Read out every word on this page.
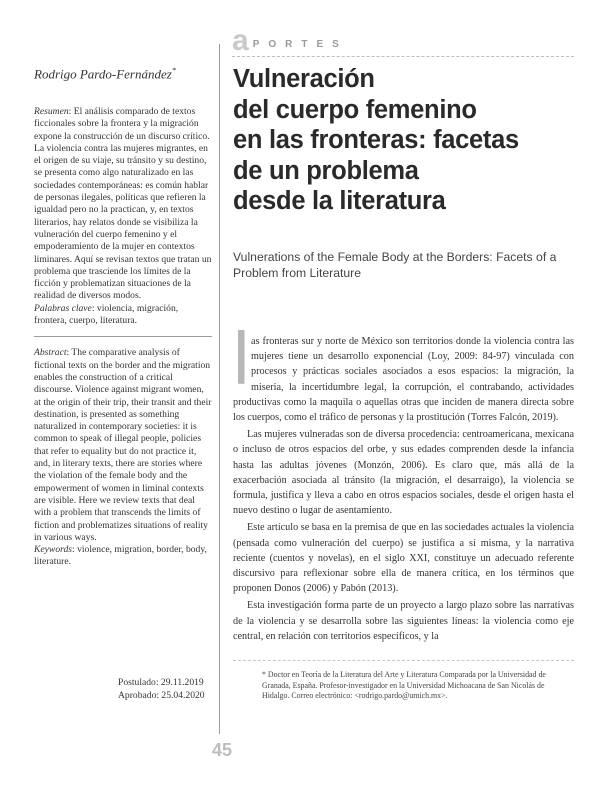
a PORTES
Rodrigo Pardo-Fernández*

Resumen: El análisis comparado de textos ficcionales sobre la frontera y la migración expone la construcción de un discurso crítico. La violencia contra las mujeres migrantes, en el origen de su viaje, su tránsito y su destino, se presenta como algo naturalizado en las sociedades contemporáneas: es común hablar de personas ilegales, políticas que refieren la igualdad pero no la practican, y, en textos literarios, hay relatos donde se visibiliza la vulneración del cuerpo femenino y el empoderamiento de la mujer en contextos liminares. Aquí se revisan textos que tratan un problema que trasciende los límites de la ficción y problematizan situaciones de la realidad de diversos modos.

Palabras clave: violencia, migración, frontera, cuerpo, literatura.

Abstract: The comparative analysis of fictional texts on the border and the migration enables the construction of a critical discourse. Violence against migrant women, at the origin of their trip, their transit and their destination, is presented as something naturalized in contemporary societies: it is common to speak of illegal people, policies that refer to equality but do not practice it, and, in literary texts, there are stories where the violation of the female body and the empowerment of women in liminal contexts are visible. Here we review texts that deal with a problem that transcends the limits of fiction and problematizes situations of reality in various ways.

Keywords: violence, migration, border, body, literature.

Postulado: 29.11.2019
Aprobado: 25.04.2020
Vulneración
del cuerpo femenino
en las fronteras: facetas
de un problema
desde la literatura
Vulnerations of the Female Body at the Borders: Facets of a Problem from Literature

las fronteras sur y norte de México son territorios donde la violencia contra las mujeres tiene un desarrollo exponencial (Loy, 2009: 84-97) vinculada con procesos y prácticas sociales asociados a esos espacios: la migración, la miseria, la incertidumbre legal, la corrupción, el contrabando, actividades productivas como la maquila o aquellas otras que inciden de manera directa sobre los cuerpos, como el tráfico de personas y la prostitución (Torres Falcón, 2019).

Las mujeres vulneradas son de diversa procedencia: centroamericana, mexicana o incluso de otros espacios del orbe, y sus edades comprenden desde la infancia hasta las adultas jóvenes (Monzón, 2006). Es claro que, más allá de la exacerbación asociada al tránsito (la migración, el desarraigo), la violencia se formula, justifica y lleva a cabo en otros espacios sociales, desde el origen hasta el nuevo destino o lugar de asentamiento.

Este artículo se basa en la premisa de que en las sociedades actuales la violencia (pensada como vulneración del cuerpo) se justifica a sí misma, y la narrativa reciente (cuentos y novelas), en el siglo XXI, constituye un adecuado referente discursivo para reflexionar sobre ella de manera crítica, en los términos que proponen Donos (2006) y Pabón (2013).

Esta investigación forma parte de un proyecto a largo plazo sobre las narrativas de la violencia y se desarrolla sobre las siguientes líneas: la violencia como eje central, en relación con territorios específicos, y la

* Doctor en Teoría de la Literatura del Arte y Literatura Comparada por la Universidad de Granada, España. Profesor-investigador en la Universidad Michoacana de San Nicolás de Hidalgo. Correo electrónico: <rodrigo.pardo@umich.mx>.
45
